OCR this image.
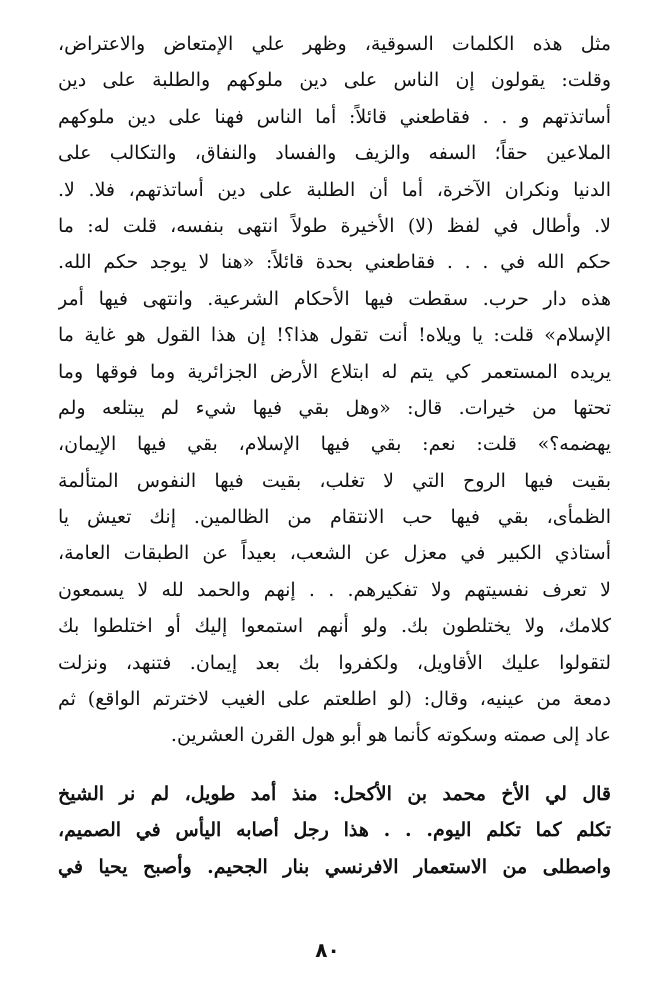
مثل هذه الكلمات السوقية، وظهر علي الإمتعاض والاعتراض،
وقلت: يقولون إن الناس على دين ملوكهم والطلبة على دين
أساتذتهم و . . فقاطعني قائلاً: أما الناس فهنا على دين ملوكهم
الملاعين حقاً؛ السفه والزيف والفساد والنفاق، والتكالب على
الدنيا ونكران الآخرة، أما أن الطلبة على دين أساتذتهم، فلا. لا.
لا. وأطال في لفظ (لا) الأخيرة طولاً انتهى بنفسه، قلت له: ما
حكم الله في . . . فقاطعني بحدة قائلاً: «هنا لا يوجد حكم الله.
هذه دار حرب. سقطت فيها الأحكام الشرعية. وانتهى فيها أمر
الإسلام» قلت: يا ويلاه! أنت تقول هذا؟! إن هذا القول هو غاية ما
يريده المستعمر كي يتم له ابتلاع الأرض الجزائرية وما فوقها وما
تحتها من خيرات. قال: «وهل بقي فيها شيء لم يبتلعه ولم
يهضمه؟» قلت: نعم: بقي فيها الإسلام، بقي فيها الإيمان،
بقيت فيها الروح التي لا تغلب، بقيت فيها النفوس المتألمة
الظمأى، بقي فيها حب الانتقام من الظالمين. إنك تعيش يا
أستاذي الكبير في معزل عن الشعب، بعيداً عن الطبقات العامة،
لا تعرف نفسيتهم ولا تفكيرهم. . . إنهم والحمد لله لا يسمعون
كلامك، ولا يختلطون بك. ولو أنهم استمعوا إليك أو اختلطوا بك
لتقولوا عليك الأقاويل، ولكفروا بك بعد إيمان. فتنهد، ونزلت
دمعة من عينيه، وقال: (لو اطلعتم على الغيب لاخترتم الواقع) ثم
عاد إلى صمته وسكوته كأنما هو أبو هول القرن العشرين.
قال لي الأخ محمد بن الأكحل: منذ أمد طويل، لم نر الشيخ
تكلم كما تكلم اليوم. . . هذا رجل أصابه اليأس في الصميم،
واصطلى من الاستعمار الافرنسي بنار الجحيم. وأصبح يحيا في
٨٠
